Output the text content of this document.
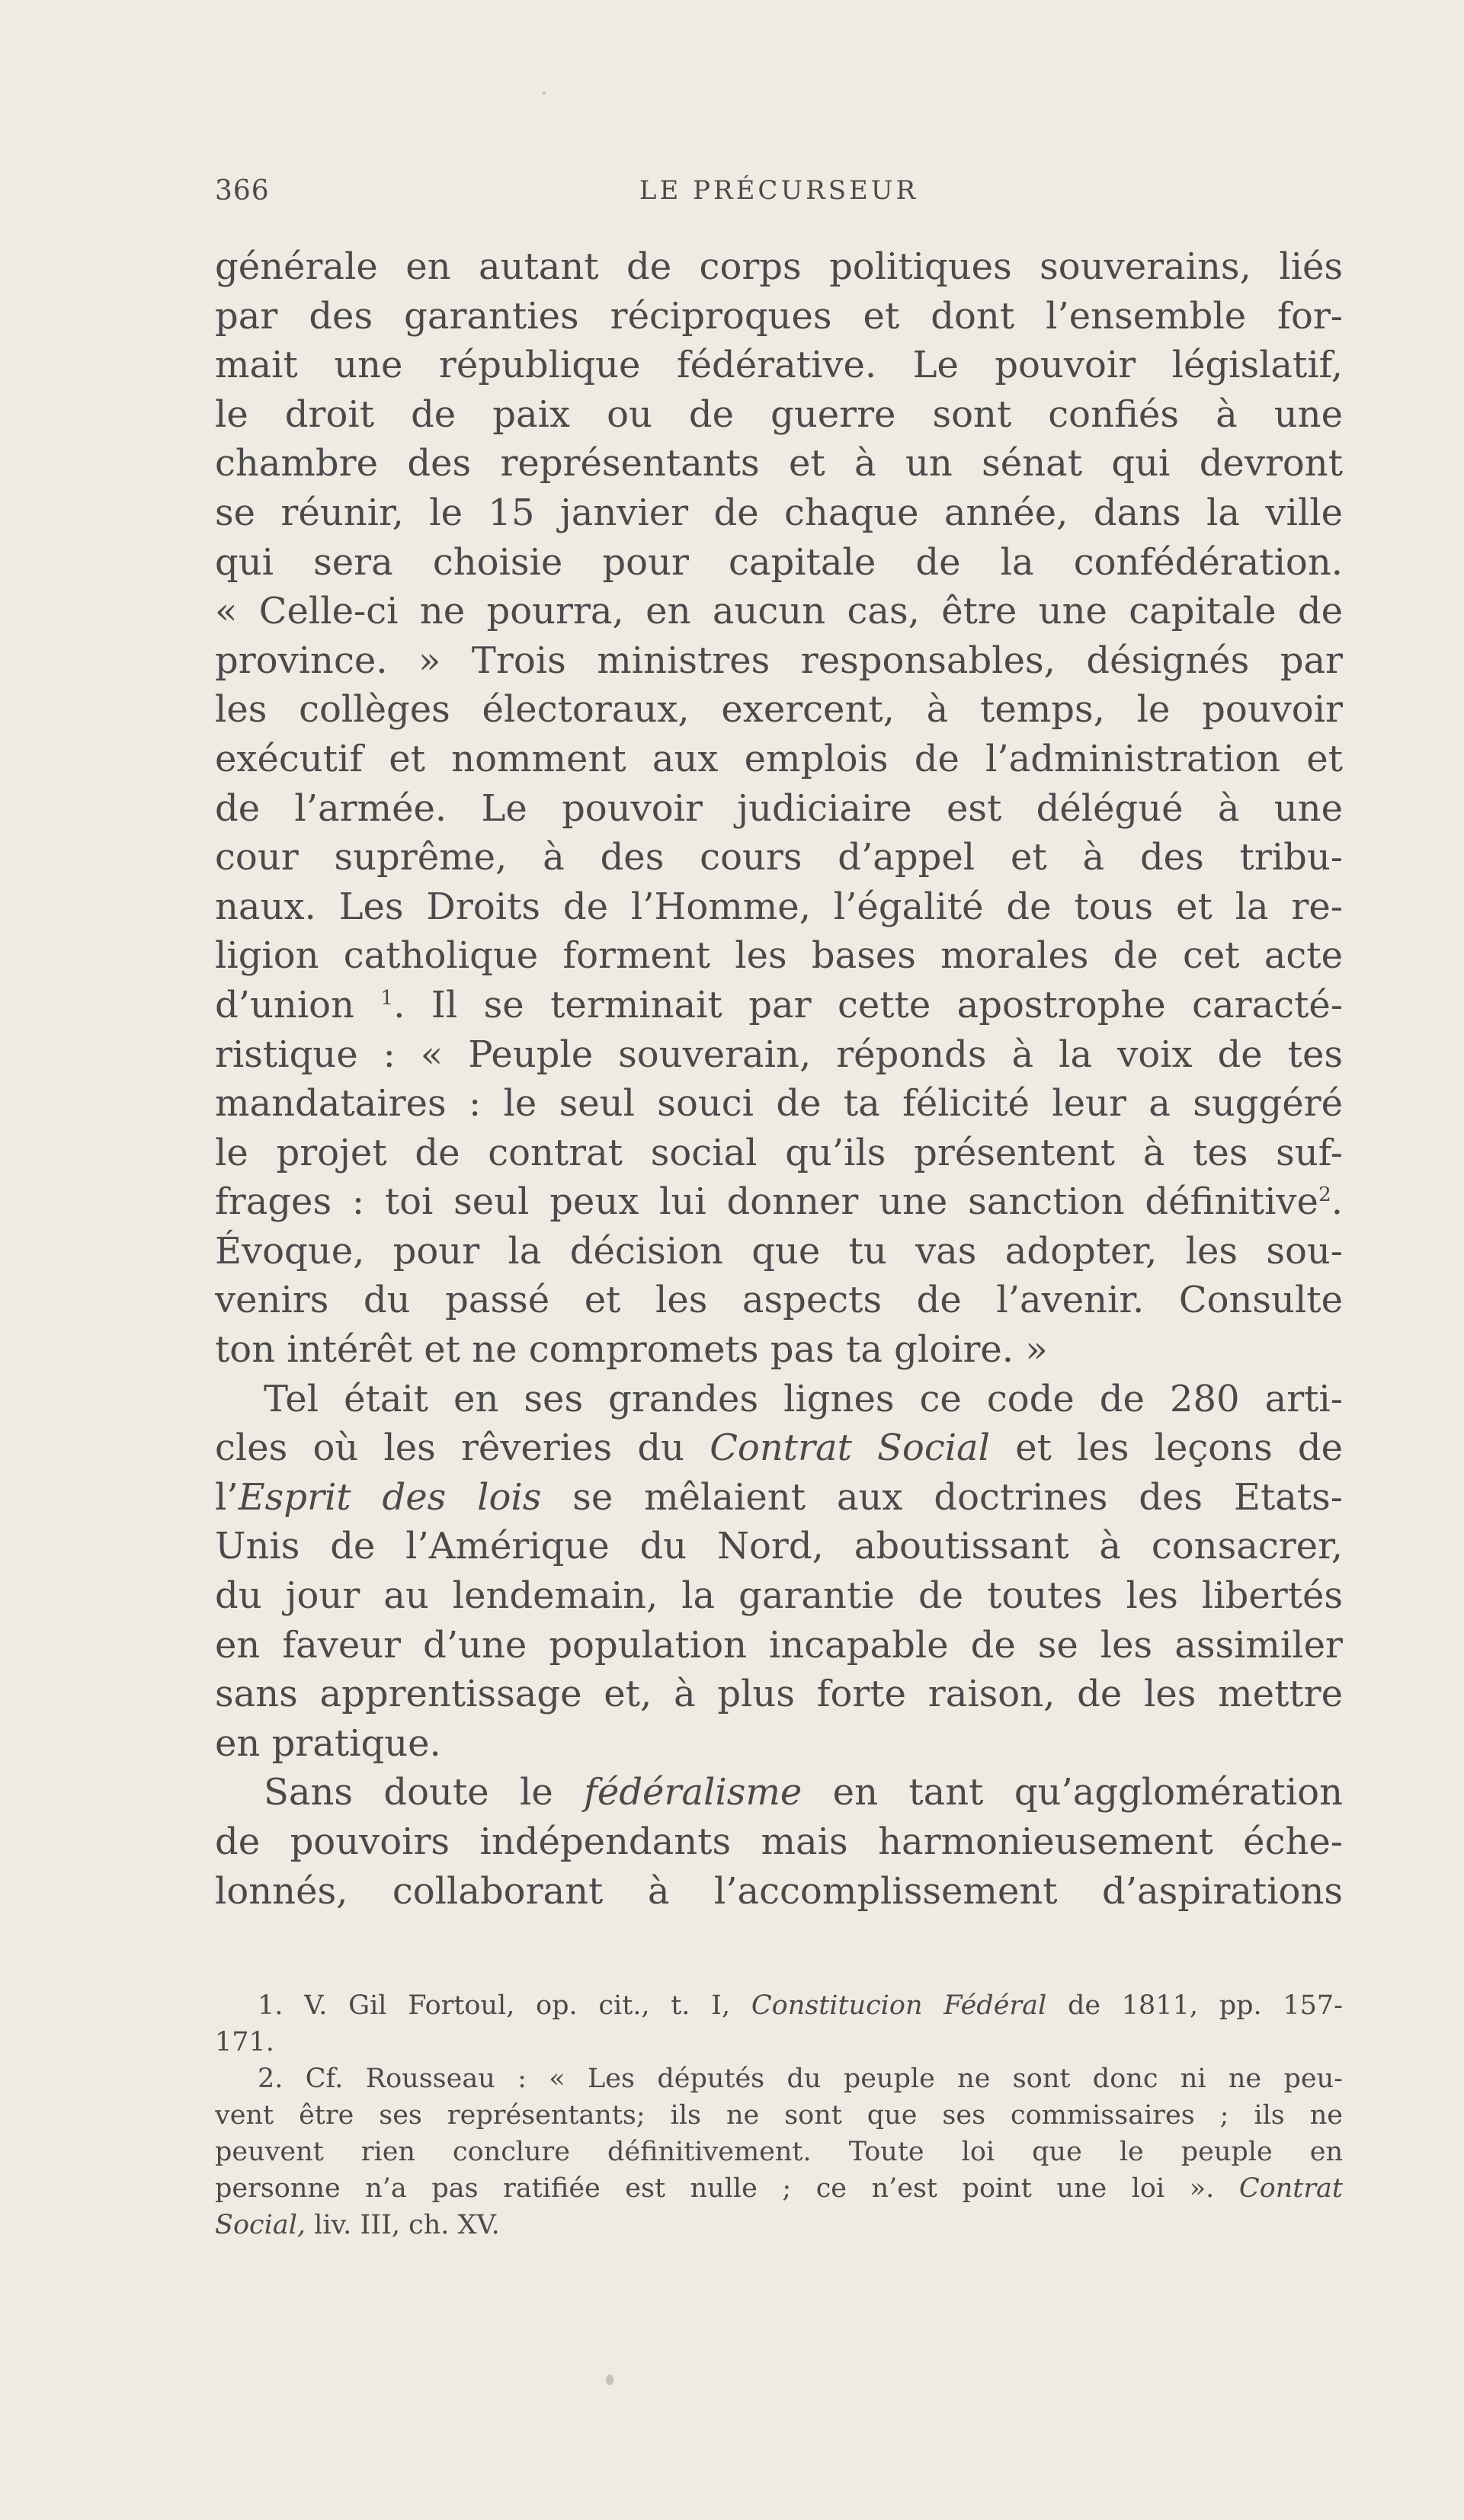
366	LE PRÉCURSEUR
générale en autant de corps politiques souverains, liés
par des garanties réciproques et dont l’ensemble for-
mait une république fédérative. Le pouvoir législatif,
le droit de paix ou de guerre sont confiés à une
chambre des représentants et à un sénat qui devront
se réunir, le 15 janvier de chaque année, dans la ville
qui sera choisie pour capitale de la confédération.
« Celle-ci ne pourra, en aucun cas, être une capitale de
province. » Trois ministres responsables, désignés par
les collèges électoraux, exercent, à temps, le pouvoir
exécutif et nomment aux emplois de l’administration et
de l’armée. Le pouvoir judiciaire est délégué à une
cour suprême, à des cours d’appel et à des tribu-
naux. Les Droits de l’Homme, l’égalité de tous et la re-
ligion catholique forment les bases morales de cet acte
d’union $^1$. Il se terminait par cette apostrophe caracté-
ristique : « Peuple souverain, réponds à la voix de tes
mandataires : le seul souci de ta félicité leur a suggéré
le projet de contrat social qu’ils présentent à tes suf-
frages : toi seul peux lui donner une sanction définitive$^2$.
Évoque, pour la décision que tu vas adopter, les sou-
venirs du passé et les aspects de l’avenir. Consulte
ton intérêt et ne compromets pas ta gloire. »
Tel était en ses grandes lignes ce code de 280 arti-
cles où les rêveries du Contrat Social et les leçons de
l’Esprit des lois se mêlaient aux doctrines des Etats-
Unis de l’Amérique du Nord, aboutissant à consacrer,
du jour au lendemain, la garantie de toutes les libertés
en faveur d’une population incapable de se les assimiler
sans apprentissage et, à plus forte raison, de les mettre
en pratique.
Sans doute le fédéralisme en tant qu’agglomération
de pouvoirs indépendants mais harmonieusement éche-
lonnés, collaborant à l’accomplissement d’aspirations
1. V. Gil Fortoul, op. cit., t. I, Constitucion Fédéral de 1811, pp. 157-
171.
2. Cf. Rousseau : « Les députés du peuple ne sont donc ni ne peu-
vent être ses représentants; ils ne sont que ses commissaires ; ils ne
peuvent rien conclure définitivement. Toute loi que le peuple en
personne n’a pas ratifiée est nulle ; ce n’est point une loi ». Contrat
Social, liv. III, ch. XV.
